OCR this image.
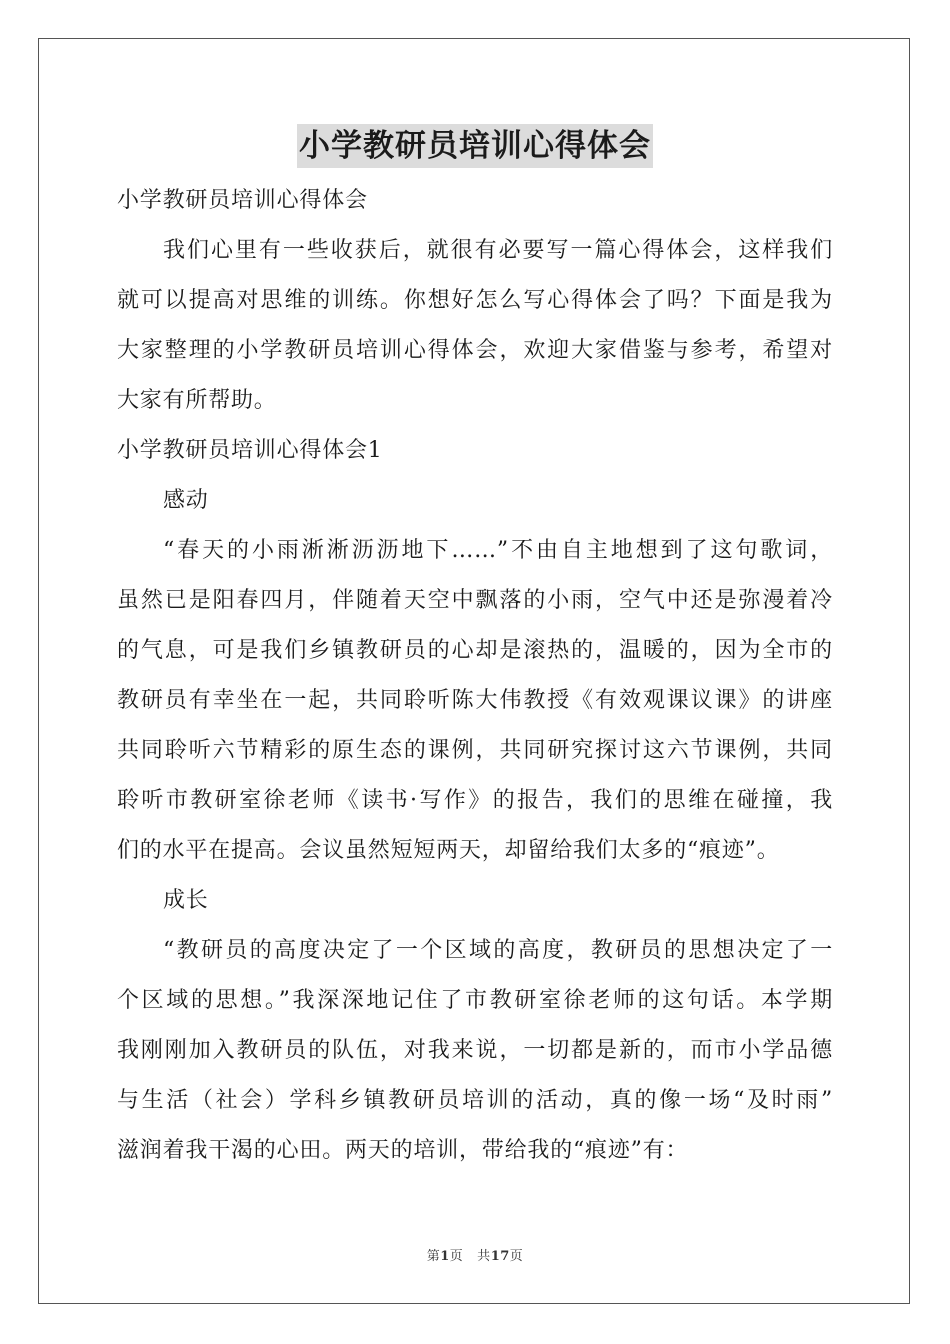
小学教研员培训心得体会
小学教研员培训心得体会
我们心里有一些收获后，就很有必要写一篇心得体会，这样我们
就可以提高对思维的训练。你想好怎么写心得体会了吗？下面是我为
大家整理的小学教研员培训心得体会，欢迎大家借鉴与参考，希望对
大家有所帮助。
小学教研员培训心得体会1
感动
“春天的小雨淅淅沥沥地下……”不由自主地想到了这句歌词，
虽然已是阳春四月，伴随着天空中飘落的小雨，空气中还是弥漫着冷
的气息，可是我们乡镇教研员的心却是滚热的，温暖的，因为全市的
教研员有幸坐在一起，共同聆听陈大伟教授《有效观课议课》的讲座
共同聆听六节精彩的原生态的课例，共同研究探讨这六节课例，共同
聆听市教研室徐老师《读书·写作》的报告，我们的思维在碰撞，我
们的水平在提高。会议虽然短短两天，却留给我们太多的“痕迹”。
成长
“教研员的高度决定了一个区域的高度，教研员的思想决定了一
个区域的思想。”我深深地记住了市教研室徐老师的这句话。本学期
我刚刚加入教研员的队伍，对我来说，一切都是新的，而市小学品德
与生活（社会）学科乡镇教研员培训的活动，真的像一场“及时雨”
滋润着我干渴的心田。两天的培训，带给我的“痕迹”有：
第1页 共17页
